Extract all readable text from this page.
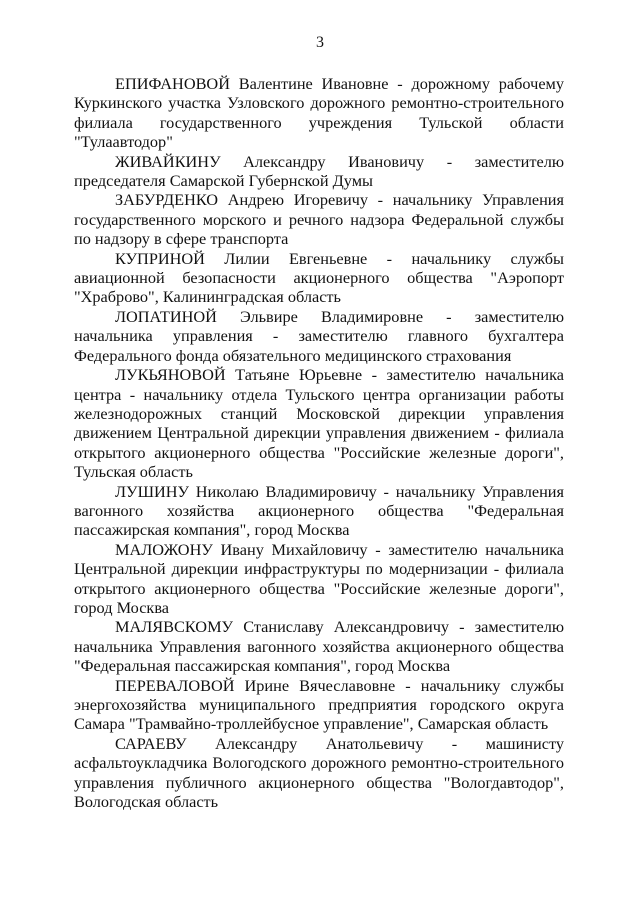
3

ЕПИФАНОВОЙ Валентине Ивановне - дорожному рабочему Куркинского участка Узловского дорожного ремонтно-строительного филиала государственного учреждения Тульской области "Тулаавтодор"

ЖИВАЙКИНУ Александру Ивановичу - заместителю председателя Самарской Губернской Думы

ЗАБУРДЕНКО Андрею Игоревичу - начальнику Управления государственного морского и речного надзора Федеральной службы по надзору в сфере транспорта

КУПРИНОЙ Лилии Евгеньевне - начальнику службы авиационной безопасности акционерного общества "Аэропорт "Храброво", Калининградская область

ЛОПАТИНОЙ Эльвире Владимировне - заместителю начальника управления - заместителю главного бухгалтера Федерального фонда обязательного медицинского страхования

ЛУКЬЯНОВОЙ Татьяне Юрьевне - заместителю начальника центра - начальнику отдела Тульского центра организации работы железнодорожных станций Московской дирекции управления движением Центральной дирекции управления движением - филиала открытого акционерного общества "Российские железные дороги", Тульская область

ЛУШИНУ Николаю Владимировичу - начальнику Управления вагонного хозяйства акционерного общества "Федеральная пассажирская компания", город Москва

МАЛОЖОНУ Ивану Михайловичу - заместителю начальника Центральной дирекции инфраструктуры по модернизации - филиала открытого акционерного общества "Российские железные дороги", город Москва

МАЛЯВСКОМУ Станиславу Александровичу - заместителю начальника Управления вагонного хозяйства акционерного общества "Федеральная пассажирская компания", город Москва

ПЕРЕВАЛОВОЙ Ирине Вячеславовне - начальнику службы энергохозяйства муниципального предприятия городского округа Самара "Трамвайно-троллейбусное управление", Самарская область

САРАЕВУ Александру Анатольевичу - машинисту асфальтоукладчика Вологодского дорожного ремонтно-строительного управления публичного акционерного общества "Вологдавтодор", Вологодская область
